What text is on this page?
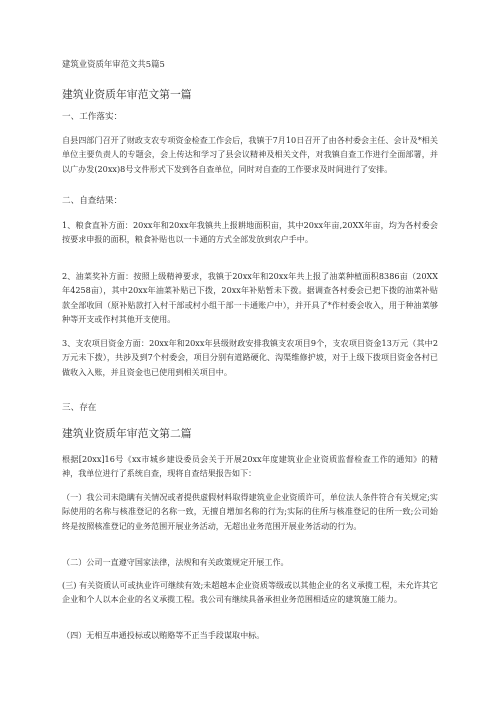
建筑业资质年审范文共5篇5

建筑业资质年审范文第一篇

一、工作落实：

自县四部门召开了财政支农专项资金检查工作会后，我镇于7月10日召开了由各村委会主任、会计及*相关单位主要负责人的专题会，会上传达和学习了县会议精神及相关文件，对我镇自查工作进行全面部署，并以广办发(20xx)8号文件形式下发到各自查单位，同时对自查的工作要求及时间进行了安排。

二、自查结果：

1、粮食直补方面：20xx年和20xx年我镇共上报耕地面积亩，其中20xx年亩,20XX年亩，均为各村委会按要求申报的面积，粮食补贴也以一卡通的方式全部发放到农户手中。

2、油菜奖补方面：按照上级精神要求，我镇于20xx年和20xx年共上报了油菜种植面积8386亩（20XX年4258亩），其中20xx年油菜补贴已下拨，20xx年补贴暂未下拨。据调查各村委会已把下拨的油菜补贴款全部收回（原补贴款打入村干部或村小组干部一卡通账户中），并开具了*作村委会收入，用于种油菜够种等开支或作村其他开支使用。

3、支农项目资金方面：20xx年和20xx年县级财政安排我镇支农项目9个，支农项目资金13万元（其中2万元未下拨），共涉及到7个村委会，项目分别有道路硬化、沟渠维修护坡，对于上级下拨项目资金各村已做收入入账，并且资金也已使用到相关项目中。

三、存在

建筑业资质年审范文第二篇

根据[20xx]16号《xx市城乡建设委员会关于开展20xx年度建筑业企业资质监督检查工作的通知》的精神，我单位进行了系统自查，现将自查结果报告如下：

（一）我公司未隐瞒有关情况或者提供虚假材料取得建筑业企业资质许可，单位法人条件符合有关规定;实际使用的名称与核准登记的名称一致，无擅自增加名称的行为;实际的住所与核准登记的住所一致;公司始终是按照核准登记的业务范围开展业务活动，无超出业务范围开展业务活动的行为。

（二）公司一直遵守国家法律，法规和有关政策规定开展工作。

(三) 有关资质认可或执业许可继续有效;未超越本企业资质等级或以其他企业的名义承揽工程，未允许其它企业和个人以本企业的名义承揽工程。我公司有继续具备承担业务范围相适应的建筑施工能力。

（四）无相互串通投标或以贿赂等不正当手段谋取中标。
